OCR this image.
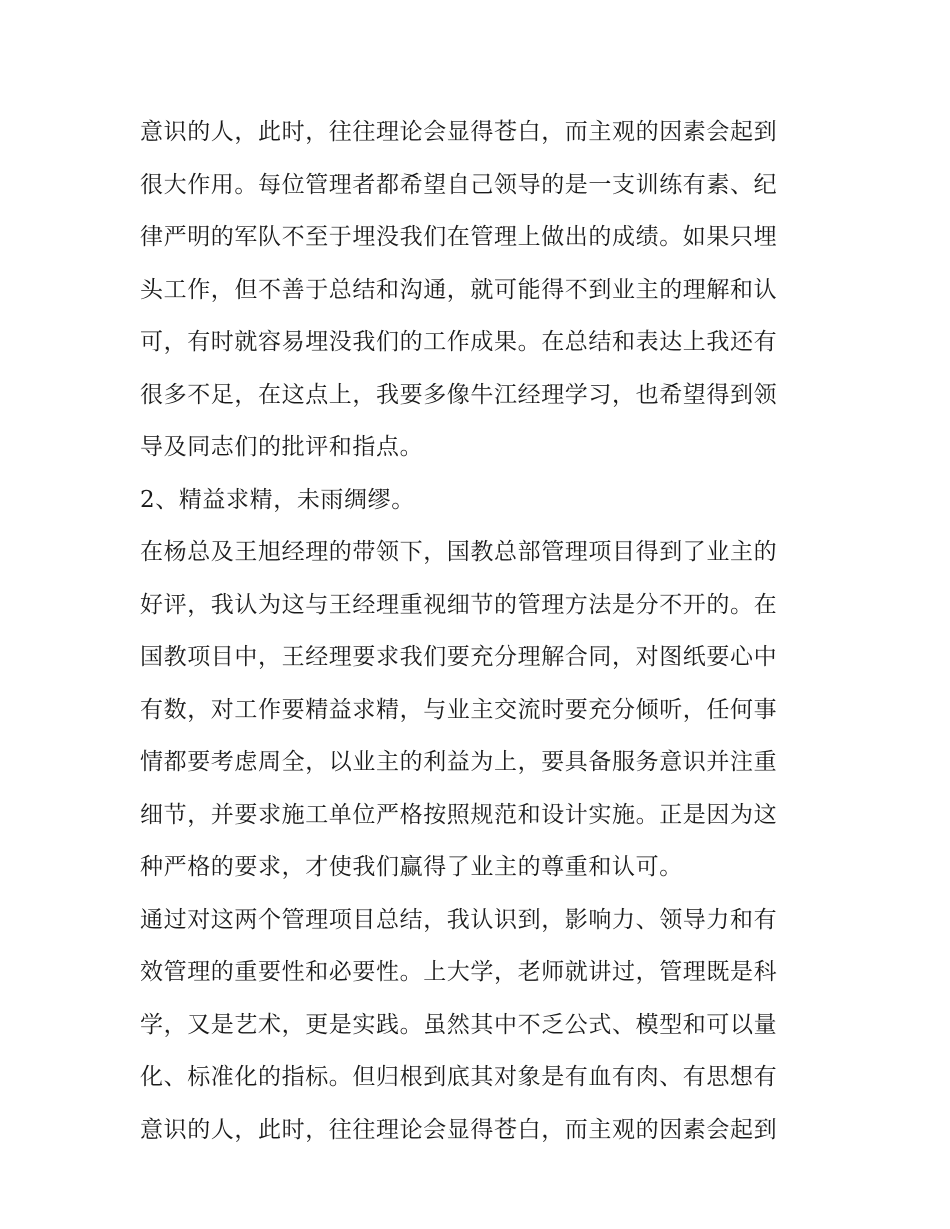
意识的人，此时，往往理论会显得苍白，而主观的因素会起到
很大作用。每位管理者都希望自己领导的是一支训练有素、纪
律严明的军队不至于埋没我们在管理上做出的成绩。如果只埋
头工作，但不善于总结和沟通，就可能得不到业主的理解和认
可，有时就容易埋没我们的工作成果。在总结和表达上我还有
很多不足，在这点上，我要多像牛江经理学习，也希望得到领
导及同志们的批评和指点。
2、精益求精，未雨绸缪。
在杨总及王旭经理的带领下，国教总部管理项目得到了业主的
好评，我认为这与王经理重视细节的管理方法是分不开的。在
国教项目中，王经理要求我们要充分理解合同，对图纸要心中
有数，对工作要精益求精，与业主交流时要充分倾听，任何事
情都要考虑周全，以业主的利益为上，要具备服务意识并注重
细节，并要求施工单位严格按照规范和设计实施。正是因为这
种严格的要求，才使我们赢得了业主的尊重和认可。
通过对这两个管理项目总结，我认识到，影响力、领导力和有
效管理的重要性和必要性。上大学，老师就讲过，管理既是科
学，又是艺术，更是实践。虽然其中不乏公式、模型和可以量
化、标准化的指标。但归根到底其对象是有血有肉、有思想有
意识的人，此时，往往理论会显得苍白，而主观的因素会起到
